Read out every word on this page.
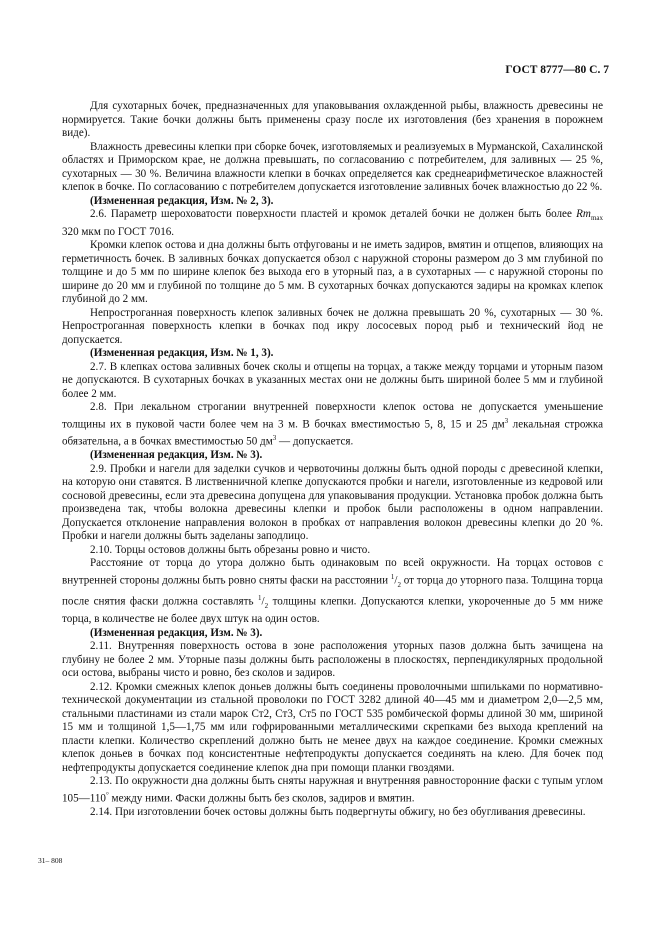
ГОСТ 8777—80 С. 7

Для сухотарных бочек, предназначенных для упаковывания охлажденной рыбы, влажность древесины не нормируется. Такие бочки должны быть применены сразу после их изготовления (без хранения в порожнем виде).

Влажность древесины клепки при сборке бочек, изготовляемых и реализуемых в Мурманской, Сахалинской областях и Приморском крае, не должна превышать, по согласованию с потребителем, для заливных — 25 %, сухотарных — 30 %. Величина влажности клепки в бочках определяется как среднеарифметическое влажностей клепок в бочке. По согласованию с потребителем допускается изготовление заливных бочек влажностью до 22 %.

(Измененная редакция, Изм. № 2, 3).

2.6. Параметр шероховатости поверхности пластей и кромок деталей бочки не должен быть более $Rm_{max}$ 320 мкм по ГОСТ 7016.

Кромки клепок остова и дна должны быть отфугованы и не иметь задиров, вмятин и отщепов, влияющих на герметичность бочек. В заливных бочках допускается обзол с наружной стороны размером до 3 мм глубиной по толщине и до 5 мм по ширине клепок без выхода его в уторный паз, а в сухотарных — с наружной стороны по ширине до 20 мм и глубиной по толщине до 5 мм. В сухотарных бочках допускаются задиры на кромках клепок глубиной до 2 мм.

Непрострoганная поверхность клепок заливных бочек не должна превышать 20 %, сухотарных — 30 %. Непрострoганная поверхность клепки в бочках под икру лососевых пород рыб и технический йод не допускается.

(Измененная редакция, Изм. № 1, 3).

2.7. В клепках остова заливных бочек сколы и отщепы на торцах, а также между торцами и уторным пазом не допускаются. В сухотарных бочках в указанных местах они не должны быть шириной более 5 мм и глубиной более 2 мм.

2.8. При лекальном строгании внутренней поверхности клепок остова не допускается уменьшение толщины их в пуковой части более чем на 3 м. В бочках вместимостью 5, 8, 15 и 25 $дм^3$ лекальная строжка обязательна, а в бочках вместимостью 50 $дм^3$ — допускается.

(Измененная редакция, Изм. № 3).

2.9. Пробки и нагели для заделки сучков и червоточины должны быть одной породы с древесиной клепки, на которую они ставятся. В лиственничной клепке допускаются пробки и нагели, изготовленные из кедровой или сосновой древесины, если эта древесина допущена для упаковывания продукции. Установка пробок должна быть произведена так, чтобы волокна древесины клепки и пробок были расположены в одном направлении. Допускается отклонение направления волокон в пробках от направления волокон древесины клепки до 20 %. Пробки и нагели должны быть заделаны заподлицо.

2.10. Торцы остовов должны быть обрезаны ровно и чисто.

Расстояние от торца до утора должно быть одинаковым по всей окружности. На торцах остовов с внутренней стороны должны быть ровно сняты фаски на расстоянии $^1/_2$ от торца до уторного паза. Толщина торца после снятия фаски должна составлять $^1/_2$ толщины клепки. Допускаются клепки, укороченные до 5 мм ниже торца, в количестве не более двух штук на один остов.

(Измененная редакция, Изм. № 3).

2.11. Внутренняя поверхность остова в зоне расположения уторных пазов должна быть зачищена на глубину не более 2 мм. Уторные пазы должны быть расположены в плоскостях, перпендикулярных продольной оси остова, выбраны чисто и ровно, без сколов и задиров.

2.12. Кромки смежных клепок доньев должны быть соединены проволочными шпильками по нормативно-технической документации из стальной проволоки по ГОСТ 3282 длиной 40—45 мм и диаметром 2,0—2,5 мм, стальными пластинами из стали марок Ст2, Ст3, Ст5 по ГОСТ 535 ромбической формы длиной 30 мм, шириной 15 мм и толщиной 1,5—1,75 мм или гофрированными металлическими скрепками без выхода креплений на пласти клепки. Количество скреплений должно быть не менее двух на каждое соединение. Кромки смежных клепок доньев в бочках под консистентные нефтепродукты допускается соединять на клею. Для бочек под нефтепродукты допускается соединение клепок дна при помощи планки гвоздями.

2.13. По окружности дна должны быть сняты наружная и внутренняя равносторонние фаски с тупым углом 105—110° между ними. Фаски должны быть без сколов, задиров и вмятин.

2.14. При изготовлении бочек остовы должны быть подвергнуты обжигу, но без обугливания древесины.

31– 808
